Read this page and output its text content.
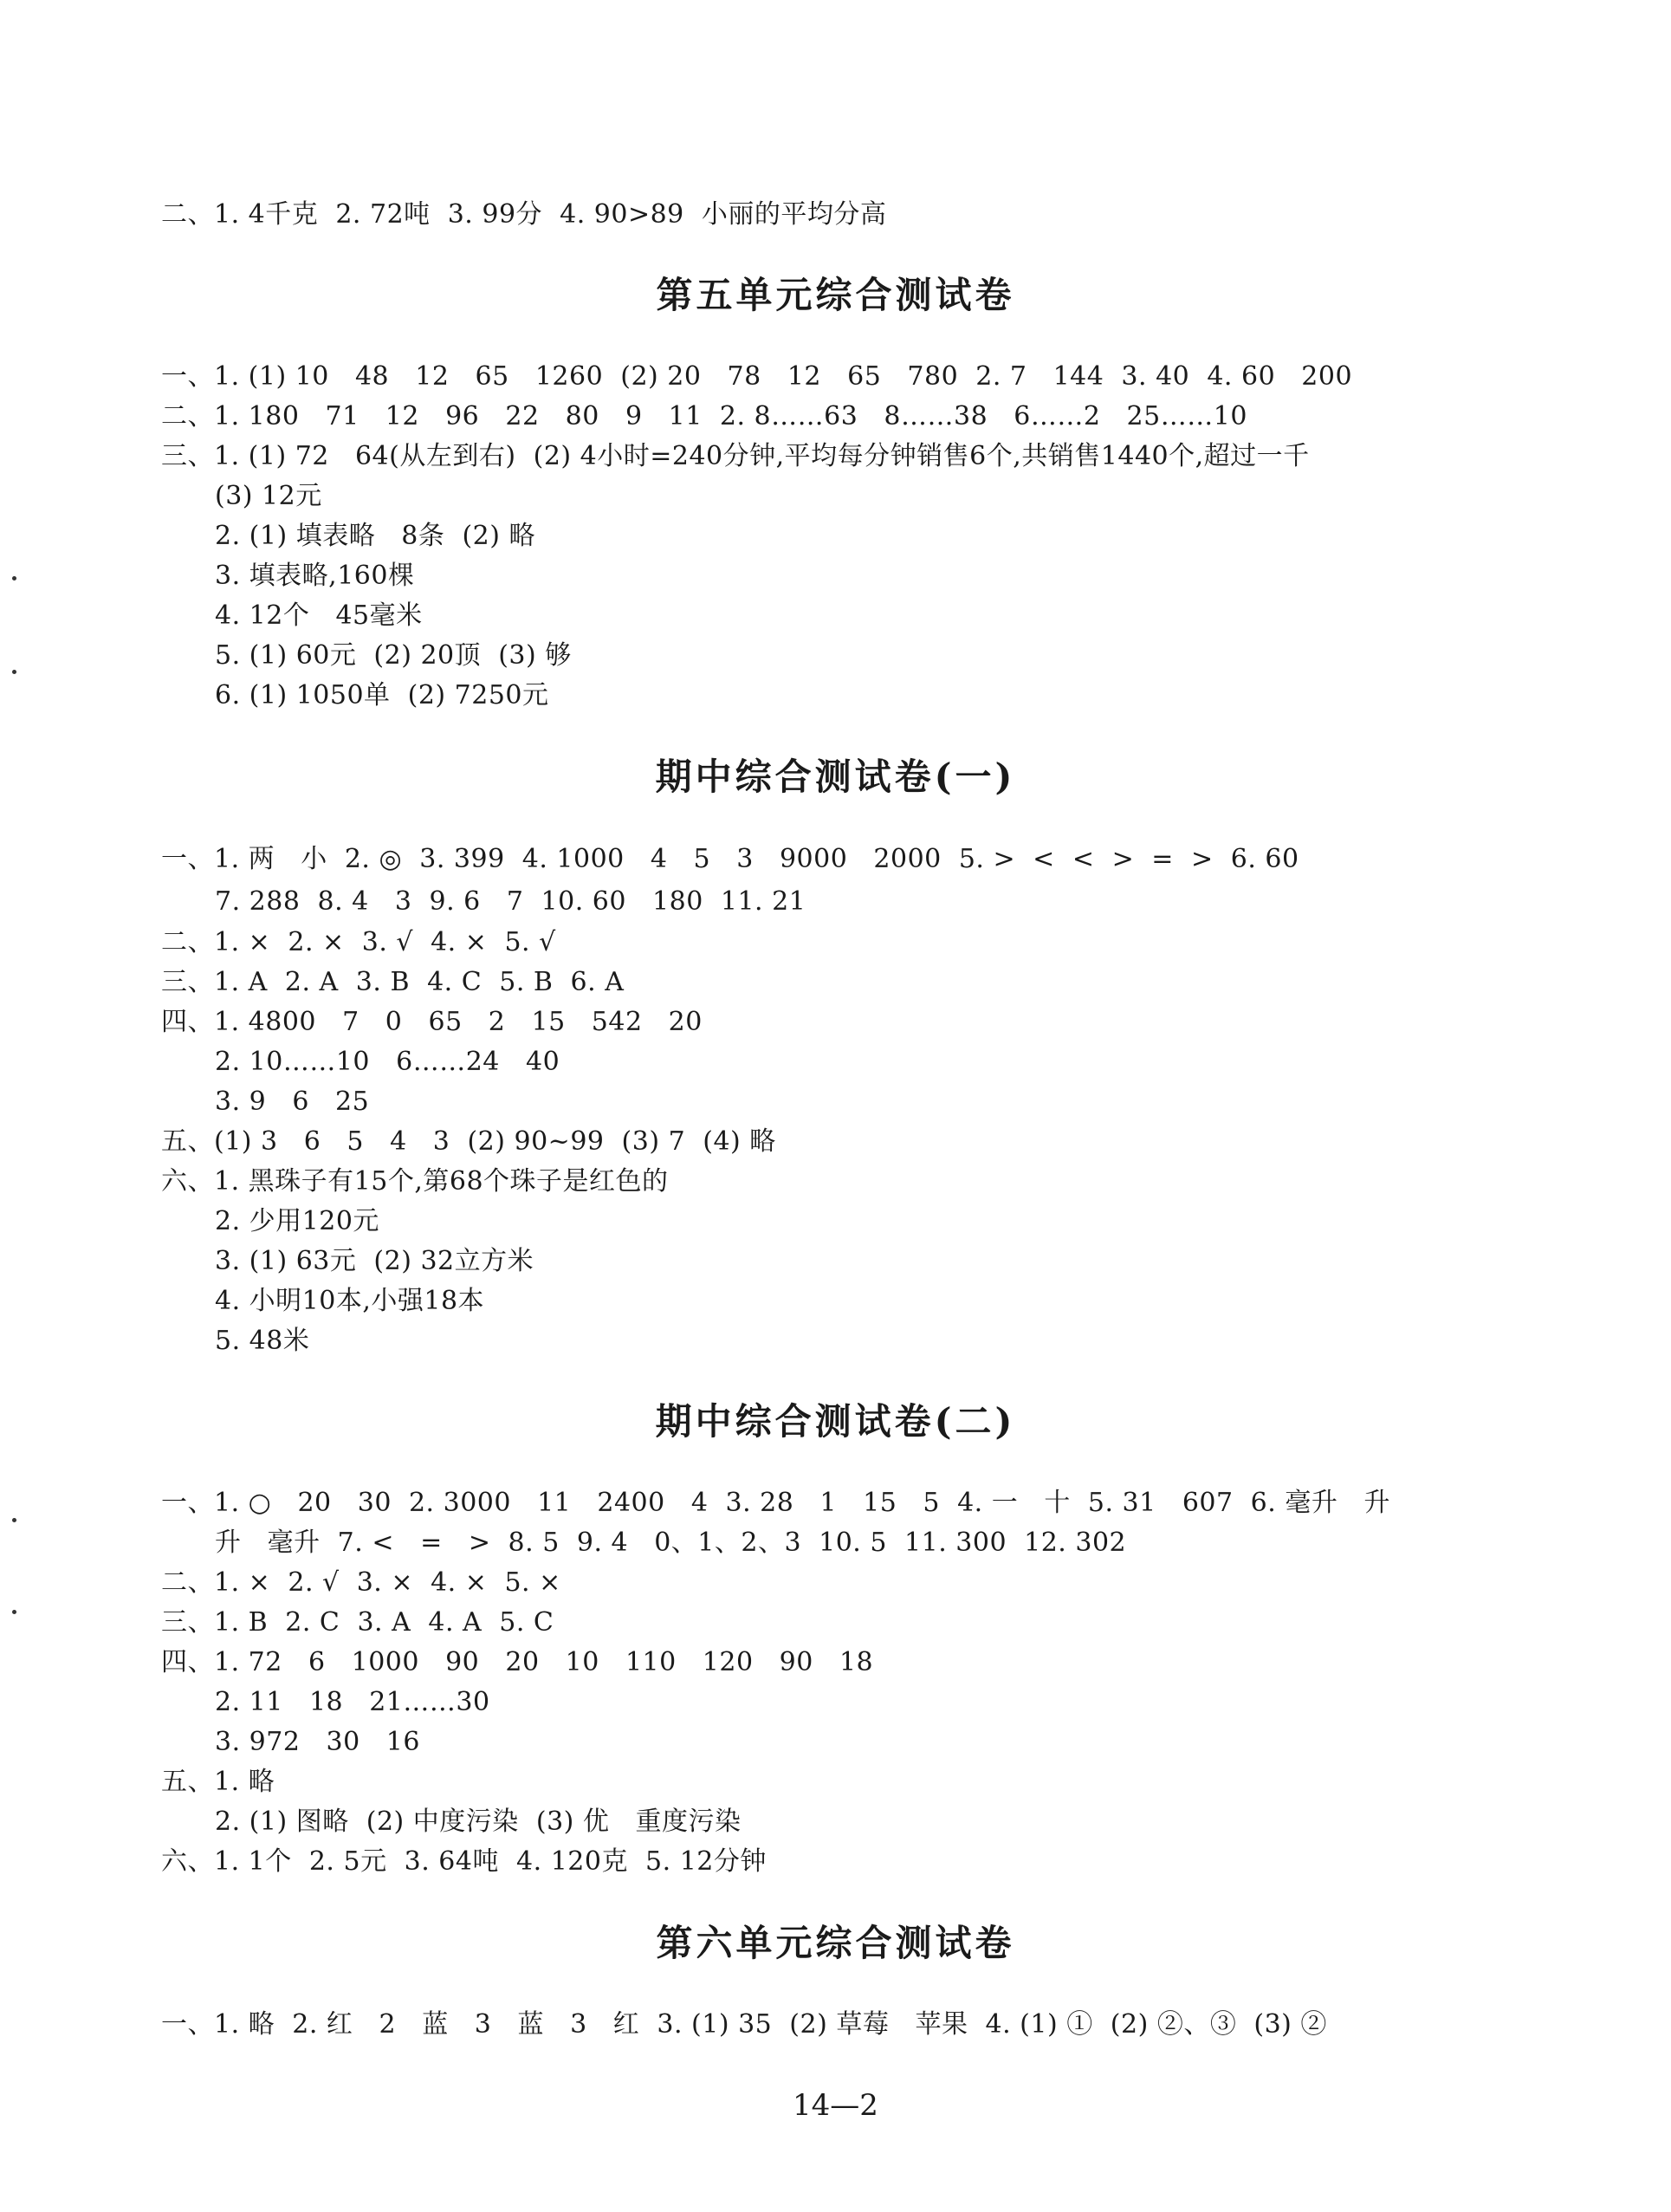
二、1. 4千克  2. 72吨  3. 99分  4. 90>89  小丽的平均分高
第五单元综合测试卷
一、1. (1) 10   48   12   65   1260  (2) 20   78   12   65   780  2. 7   144  3. 40  4. 60   200
二、1. 180   71   12   96   22   80   9   11  2. 8……63   8……38   6……2   25……10
三、1. (1) 72   64(从左到右)  (2) 4小时=240分钟,平均每分钟销售6个,共销售1440个,超过一千
(3) 12元
2. (1) 填表略   8条  (2) 略
3. 填表略,160棵
4. 12个   45毫米
5. (1) 60元  (2) 20顶  (3) 够
6. (1) 1050单  (2) 7250元
期中综合测试卷(一)
一、1. 两   小  2. ◎  3. 399  4. 1000   4   5   3   9000   2000  5. >  <  <  >  =  >  6. 60
7. 288  8. 4   3  9. 6   7  10. 60   180  11. 21
二、1. ×  2. ×  3. √  4. ×  5. √
三、1. A  2. A  3. B  4. C  5. B  6. A
四、1. 4800   7   0   65   2   15   542   20
2. 10……10   6……24   40
3. 9   6   25
五、(1) 3   6   5   4   3  (2) 90~99  (3) 7  (4) 略
六、1. 黑珠子有15个,第68个珠子是红色的
2. 少用120元
3. (1) 63元  (2) 32立方米
4. 小明10本,小强18本
5. 48米
期中综合测试卷(二)
一、1. ○   20   30  2. 3000   11   2400   4  3. 28   1   15   5  4. 一   十  5. 31   607  6. 毫升   升
升   毫升  7. <   =   >  8. 5  9. 4   0、1、2、3  10. 5  11. 300  12. 302
二、1. ×  2. √  3. ×  4. ×  5. ×
三、1. B  2. C  3. A  4. A  5. C
四、1. 72   6   1000   90   20   10   110   120   90   18
2. 11   18   21……30
3. 972   30   16
五、1. 略
2. (1) 图略  (2) 中度污染  (3) 优   重度污染
六、1. 1个  2. 5元  3. 64吨  4. 120克  5. 12分钟
第六单元综合测试卷
一、1. 略  2. 红   2   蓝   3   蓝   3   红  3. (1) 35  (2) 草莓   苹果  4. (1) ①  (2) ②、③  (3) ②
14—2
